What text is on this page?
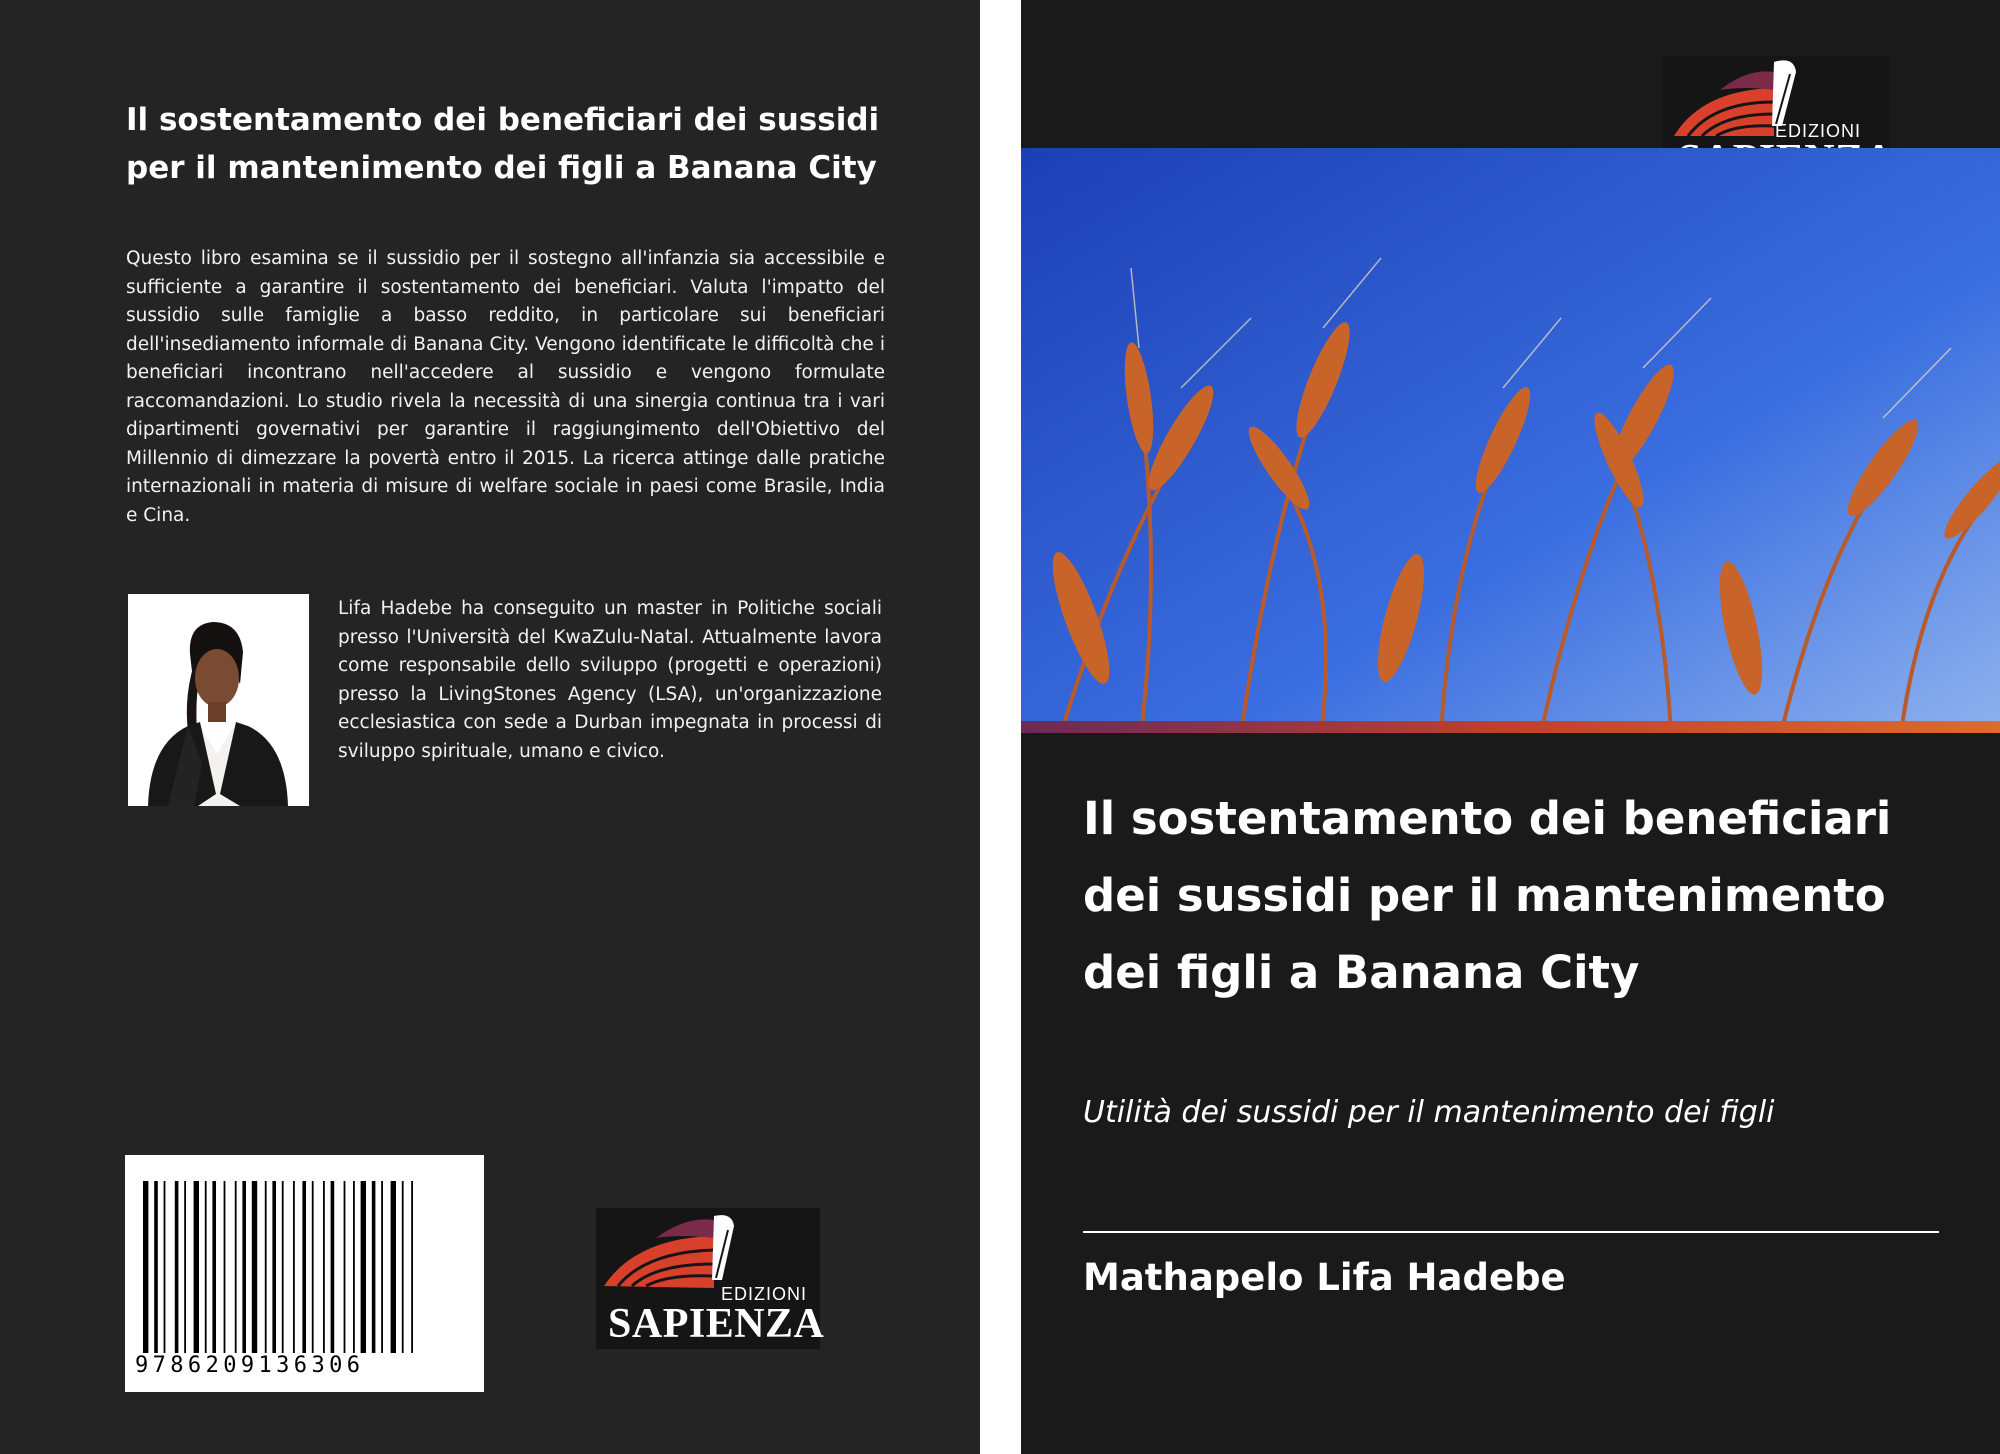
Il sostentamento dei beneficiari dei sussidi per il mantenimento dei figli a Banana City

Questo libro esamina se il sussidio per il sostegno all'infanzia sia accessibile e sufficiente a garantire il sostentamento dei beneficiari. Valuta l'impatto del sussidio sulle famiglie a basso reddito, in particolare sui beneficiari dell'insediamento informale di Banana City. Vengono identificate le difficoltà che i beneficiari incontrano nell'accedere al sussidio e vengono formulate raccomandazioni. Lo studio rivela la necessità di una sinergia continua tra i vari dipartimenti governativi per garantire il raggiungimento dell'Obiettivo del Millennio di dimezzare la povertà entro il 2015. La ricerca attinge dalle pratiche internazionali in materia di misure di welfare sociale in paesi come Brasile, India e Cina.

Lifa Hadebe ha conseguito un master in Politiche sociali presso l'Università del KwaZulu-Natal. Attualmente lavora come responsabile dello sviluppo (progetti e operazioni) presso la LivingStones Agency (LSA), un'organizzazione ecclesiastica con sede a Durban impegnata in processi di sviluppo spirituale, umano e civico.

9786209136306
EDIZIONI
SAPIENZA
EDIZIONI
Il sostentamento dei beneficiari dei sussidi per il mantenimento dei figli a Banana City

Utilità dei sussidi per il mantenimento dei figli

Mathapelo Lifa Hadebe
